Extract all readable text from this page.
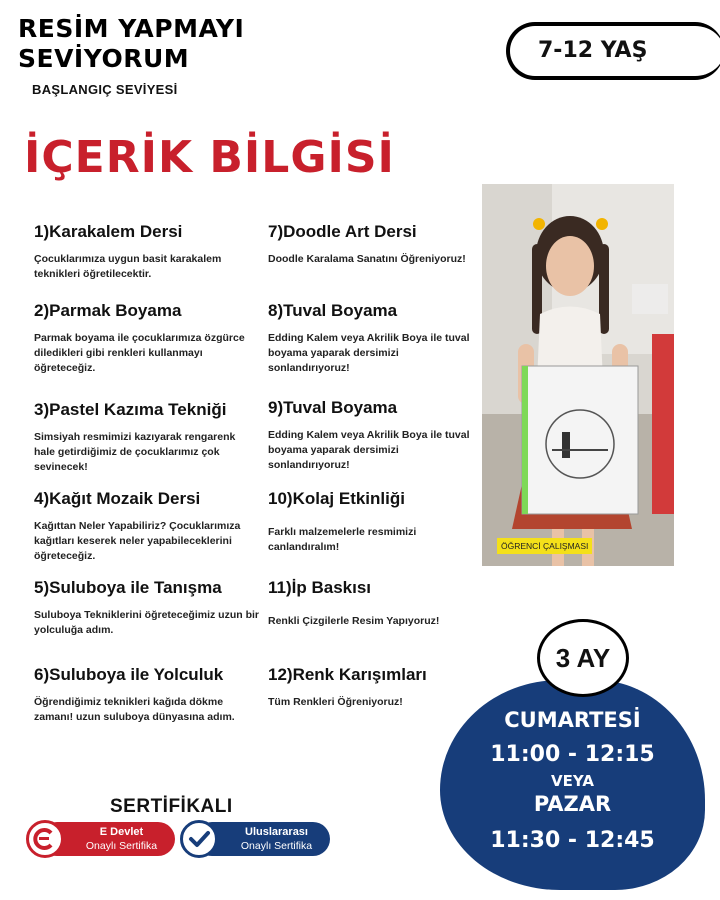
RESİM YAPMAYI
SEVİYORUM
BAŞLANGIÇ SEVİYESİ
7-12 YAŞ
İÇERİK BİLGİSİ
1)Karakalem Dersi

Çocuklarımıza uygun basit karakalem teknikleri öğretilecektir.

2)Parmak Boyama

Parmak boyama ile çocuklarımıza özgürce diledikleri gibi renkleri kullanmayı öğreteceğiz.

3)Pastel Kazıma Tekniği

Simsiyah resmimizi kazıyarak rengarenk hale getirdiğimiz de çocuklarımız çok sevinecek!

4)Kağıt Mozaik Dersi

Kağıttan Neler Yapabiliriz? Çocuklarımıza kağıtları keserek neler yapabileceklerini öğreteceğiz.

5)Suluboya ile Tanışma

Suluboya Tekniklerini öğreteceğimiz uzun bir yolculuğa adım.

6)Suluboya ile Yolculuk

Öğrendiğimiz teknikleri kağıda dökme zamanı! uzun suluboya dünyasına adım.

7)Doodle Art Dersi

Doodle Karalama Sanatını Öğreniyoruz!

8)Tuval Boyama

Edding Kalem veya Akrilik Boya ile tuval boyama yaparak dersimizi sonlandırıyoruz!

9)Tuval Boyama

Edding Kalem veya Akrilik Boya ile tuval boyama yaparak dersimizi sonlandırıyoruz!

10)Kolaj Etkinliği

Farklı malzemelerle resmimizi canlandıralım!

11)İp Baskısı

Renkli Çizgilerle Resim Yapıyoruz!

12)Renk Karışımları

Tüm Renkleri Öğreniyoruz!

ÖĞRENCİ ÇALIŞMASI
3 AY
CUMARTESİ
11:00 - 12:15
VEYA
PAZAR
11:30 - 12:45
SERTİFİKALI
E Devlet
Onaylı Sertifika
Uluslararası
Onaylı Sertifika
